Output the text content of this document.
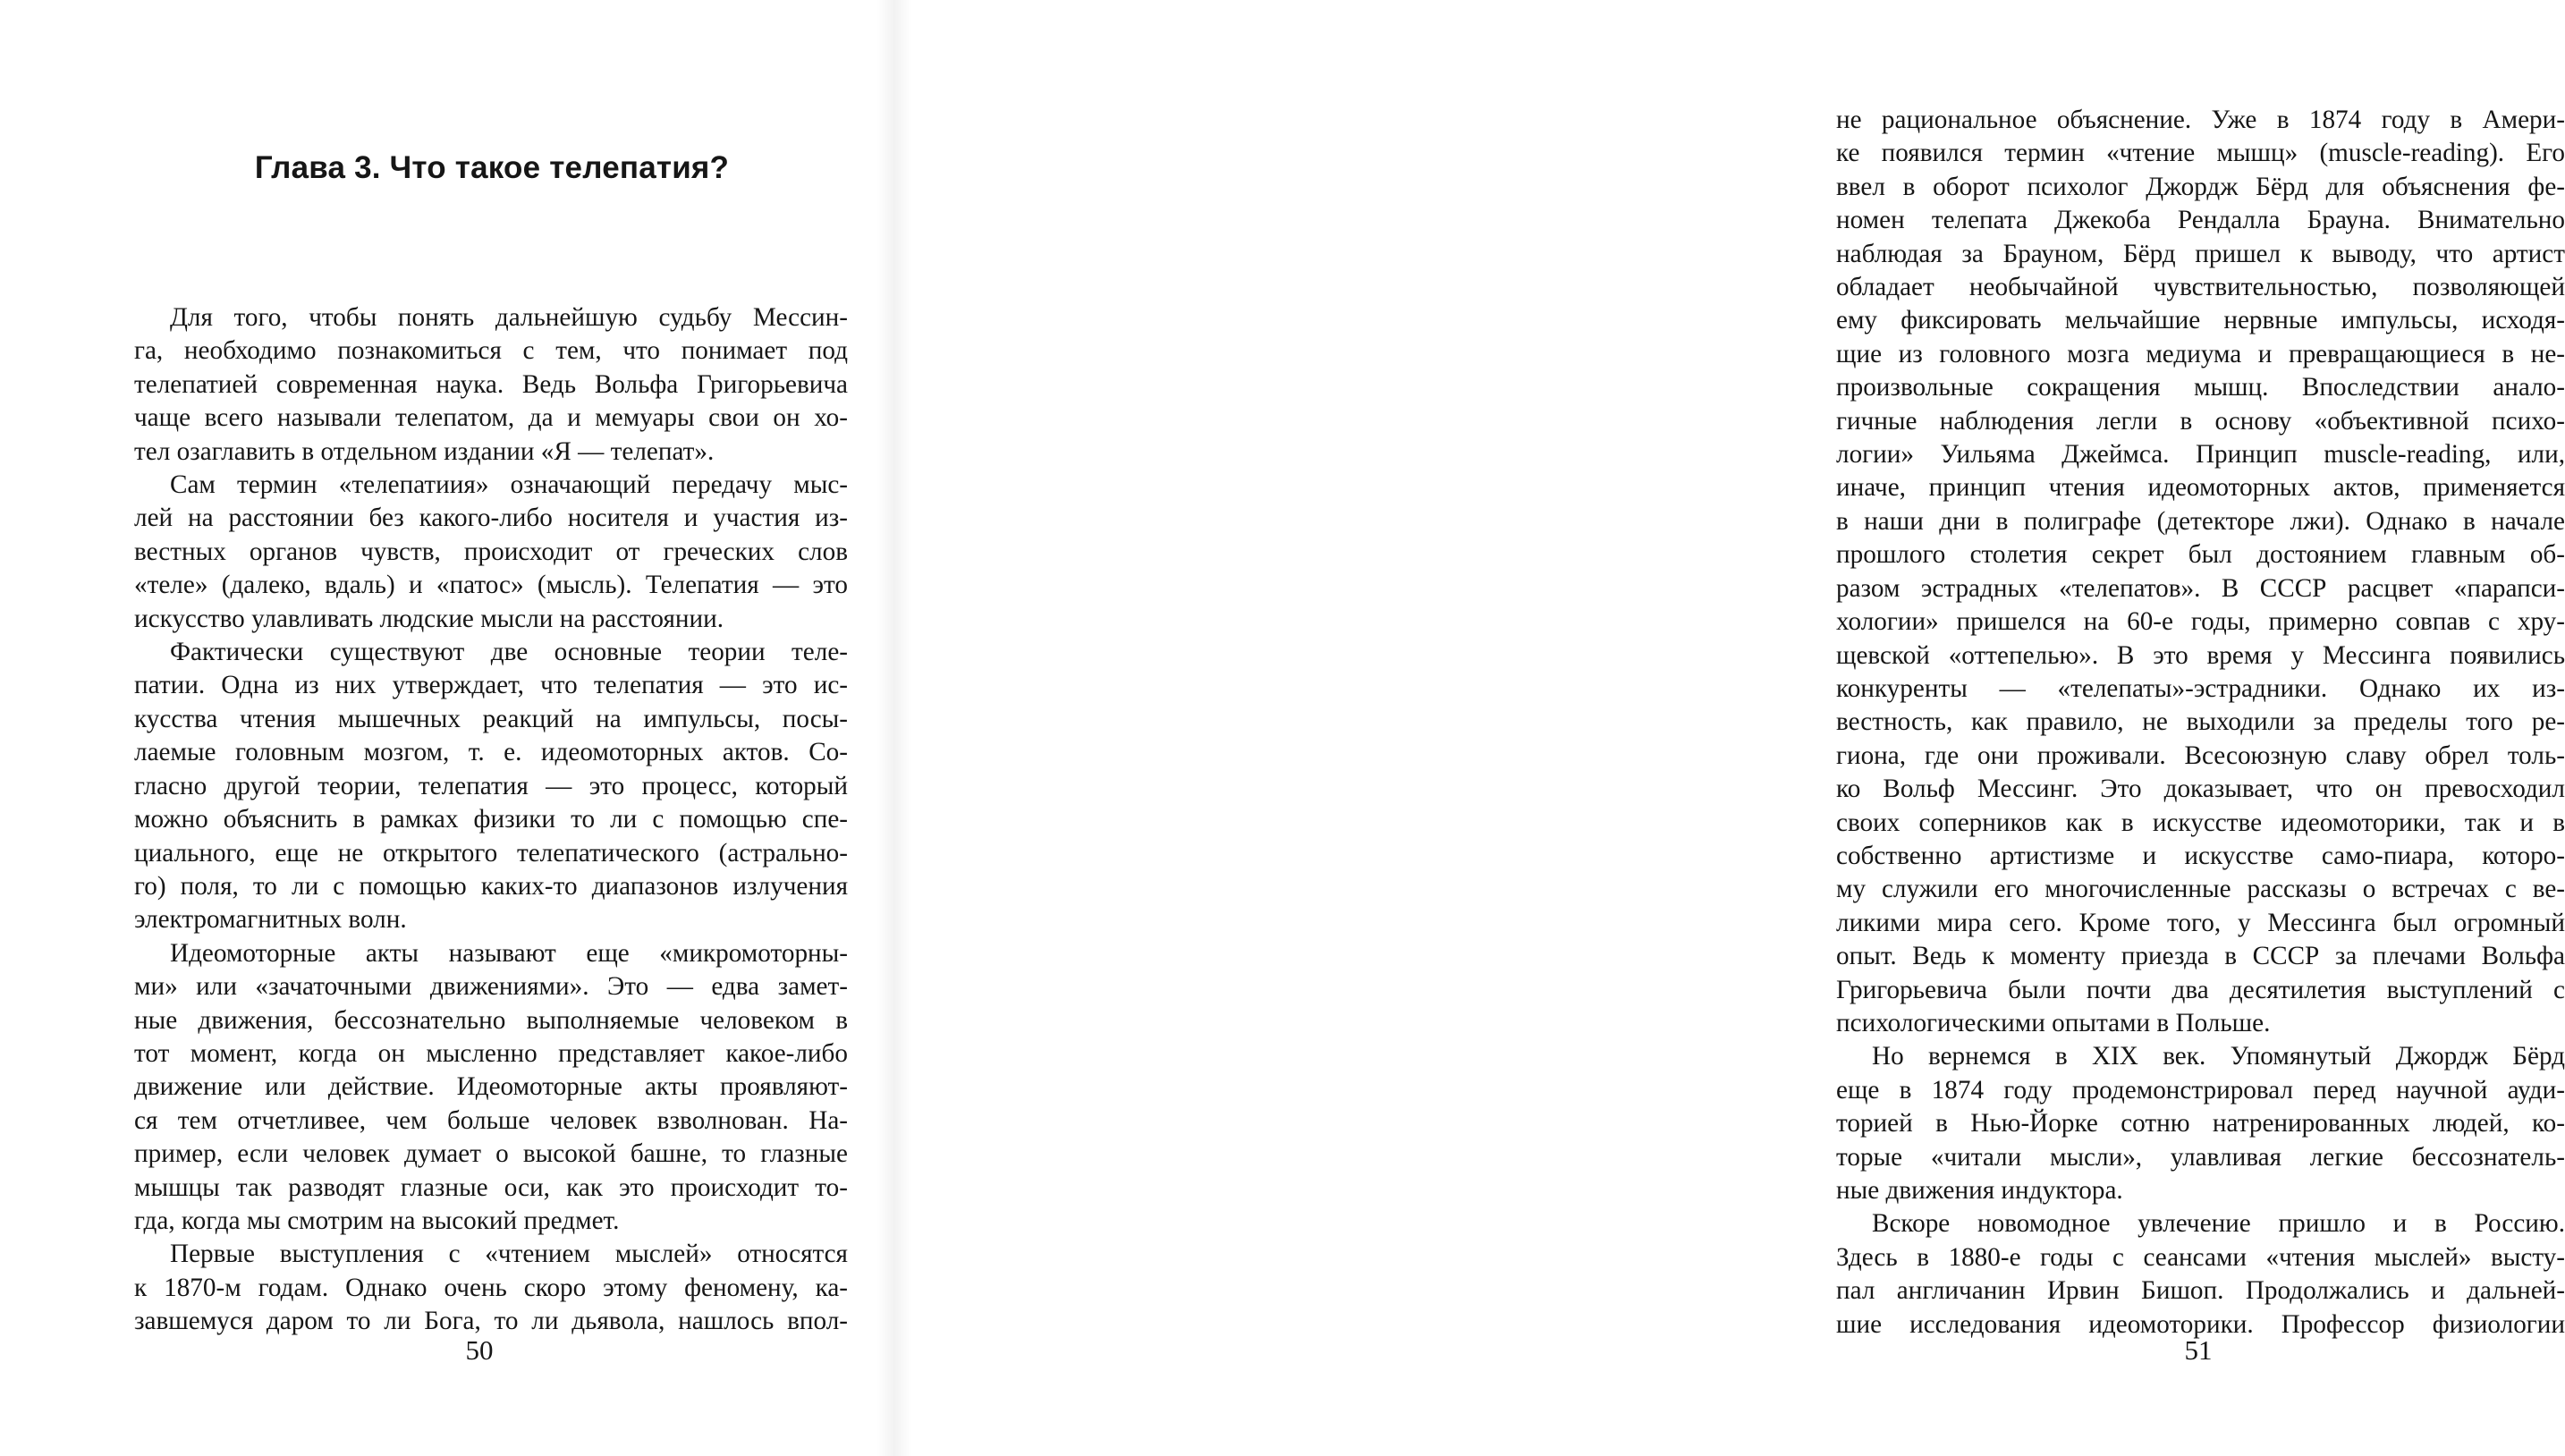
Глава 3. Что такое телепатия?
Для того, чтобы понять дальнейшую судьбу Мессин-
га, необходимо познакомиться с тем, что понимает под
телепатией современная наука. Ведь Вольфа Григорьевича
чаще всего называли телепатом, да и мемуары свои он хо-
тел озаглавить в отдельном издании «Я — телепат».
Сам термин «телепатиия» означающий передачу мыс-
лей на расстоянии без какого-либо носителя и участия из-
вестных органов чувств, происходит от греческих слов
«теле» (далеко, вдаль) и «патос» (мысль). Телепатия — это
искусство улавливать людские мысли на расстоянии.
Фактически существуют две основные теории теле-
патии. Одна из них утверждает, что телепатия — это ис-
кусства чтения мышечных реакций на импульсы, посы-
лаемые головным мозгом, т. е. идеомоторных актов. Со-
гласно другой теории, телепатия — это процесс, который
можно объяснить в рамках физики то ли с помощью спе-
циального, еще не открытого телепатического (астрально-
го) поля, то ли с помощью каких-то диапазонов излучения
электромагнитных волн.
Идеомоторные акты называют еще «микромоторны-
ми» или «зачаточными движениями». Это — едва замет-
ные движения, бессознательно выполняемые человеком в
тот момент, когда он мысленно представляет какое-либо
движение или действие. Идеомоторные акты проявляют-
ся тем отчетливее, чем больше человек взволнован. На-
пример, если человек думает о высокой башне, то глазные
мышцы так разводят глазные оси, как это происходит то-
гда, когда мы смотрим на высокий предмет.
Первые выступления с «чтением мыслей» относятся
к 1870-м годам. Однако очень скоро этому феномену, ка-
завшемуся даром то ли Бога, то ли дьявола, нашлось впол-

50

не рациональное объяснение. Уже в 1874 году в Амери-
ке появился термин «чтение мышц» (muscle-reading). Его
ввел в оборот психолог Джордж Бёрд для объяснения фе-
номен телепата Джекоба Рендалла Брауна. Внимательно
наблюдая за Брауном, Бёрд пришел к выводу, что артист
обладает необычайной чувствительностью, позволяющей
ему фиксировать мельчайшие нервные импульсы, исходя-
щие из головного мозга медиума и превращающиеся в не-
произвольные сокращения мышц. Впоследствии анало-
гичные наблюдения легли в основу «объективной психо-
логии» Уильяма Джеймса. Принцип muscle-reading, или,
иначе, принцип чтения идеомоторных актов, применяется
в наши дни в полиграфе (детекторе лжи). Однако в начале
прошлого столетия секрет был достоянием главным об-
разом эстрадных «телепатов». В СССР расцвет «парапси-
хологии» пришелся на 60-е годы, примерно совпав с хру-
щевской «оттепелью». В это время у Мессинга появились
конкуренты — «телепаты»-эстрадники. Однако их из-
вестность, как правило, не выходили за пределы того ре-
гиона, где они проживали. Всесоюзную славу обрел толь-
ко Вольф Мессинг. Это доказывает, что он превосходил
своих соперников как в искусстве идеомоторики, так и в
собственно артистизме и искусстве само-пиара, которо-
му служили его многочисленные рассказы о встречах с ве-
ликими мира сего. Кроме того, у Мессинга был огромный
опыт. Ведь к моменту приезда в СССР за плечами Вольфа
Григорьевича были почти два десятилетия выступлений с
психологическими опытами в Польше.
Но вернемся в XIX век. Упомянутый Джордж Бёрд
еще в 1874 году продемонстрировал перед научной ауди-
торией в Нью-Йорке сотню натренированных людей, ко-
торые «читали мысли», улавливая легкие бессознатель-
ные движения индуктора.
Вскоре новомодное увлечение пришло и в Россию.
Здесь в 1880-е годы с сеансами «чтения мыслей» высту-
пал англичанин Ирвин Бишоп. Продолжались и дальней-
шие исследования идеомоторики. Профессор физиологии

51
